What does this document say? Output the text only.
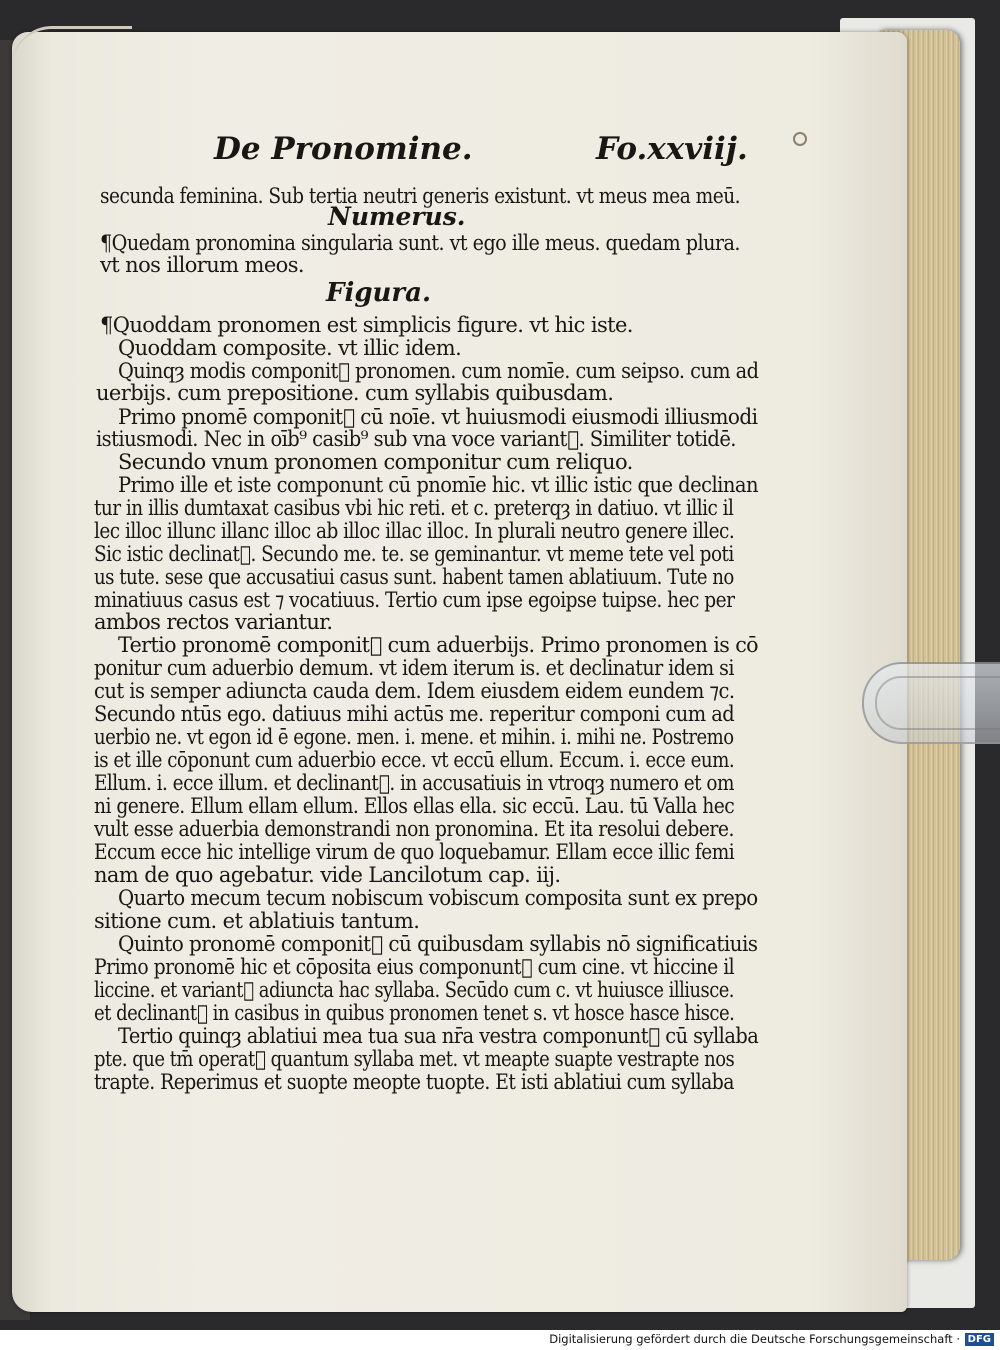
De Pronomine.	Fo.xxviij.
secunda feminina. Sub tertia neutri generis existunt. vt meus mea meū.
Numerus.
¶Quedam pronomina singularia sunt. vt ego ille meus. quedam plura.
vt nos illorum meos.
Figura.
¶Quoddam pronomen est simplicis figure. vt hic iste.
Quoddam composite. vt illic idem.
Quinqȝ modis componitᷣ pronomen. cum nomīe. cum seipso. cum ad
uerbijs. cum prepositione. cum syllabis quibusdam.
Primo pnomē componitᷣ cū noīe. vt huiusmodi eiusmodi illiusmodi
istiusmodi. Nec in oīb⁹ casib⁹ sub vna voce variantᷣ. Similiter totidē.
Secundo vnum pronomen componitur cum reliquo.
Primo ille et iste componunt cū pnomīe hic. vt illic istic que declinan
tur in illis dumtaxat casibus vbi hic reti. et c. preterqȝ in datiuo. vt illic il
lec illoc illunc illanc illoc ab illoc illac illoc. In plurali neutro genere illec.
Sic istic declinatᷣ. Secundo me. te. se geminantur. vt meme tete vel poti
us tute. sese que accusatiui casus sunt. habent tamen ablatiuum. Tute no
minatiuus casus est ⁊ vocatiuus. Tertio cum ipse egoipse tuipse. hec per
ambos rectos variantur.
Tertio pronomē componitᷣ cum aduerbijs. Primo pronomen is cō
ponitur cum aduerbio demum. vt idem iterum is. et declinatur idem si
cut is semper adiuncta cauda dem. Idem eiusdem eidem eundem ⁊c.
Secundo ntūs ego. datiuus mihi actūs me. reperitur componi cum ad
uerbio ne. vt egon id ē egone. men. i. mene. et mihin. i. mihi ne. Postremo
is et ille cōponunt cum aduerbio ecce. vt eccū ellum. Eccum. i. ecce eum.
Ellum. i. ecce illum. et declinantᷣ. in accusatiuis in vtroqȝ numero et om
ni genere. Ellum ellam ellum. Ellos ellas ella. sic eccū. Lau. tū Valla hec
vult esse aduerbia demonstrandi non pronomina. Et ita resolui debere.
Eccum ecce hic intellige virum de quo loquebamur. Ellam ecce illic femi
nam de quo agebatur. vide Lancilotum cap. iij.
Quarto mecum tecum nobiscum vobiscum composita sunt ex prepo
sitione cum. et ablatiuis tantum.
Quinto pronomē componitᷣ cū quibusdam syllabis nō significatiuis
Primo pronomē hic et cōposita eius componuntᷣ cum cine. vt hiccine il
liccine. et variantᷣ adiuncta hac syllaba. Secūdo cum c. vt huiusce illiusce.
et declinantᷣ in casibus in quibus pronomen tenet s. vt hosce hasce hisce.
Tertio quinqȝ ablatiui mea tua sua nr̄a vestra componuntᷣ cū syllaba
pte. que tm̄ operatᷣ quantum syllaba met. vt meapte suapte vestrapte nos
trapte. Reperimus et suopte meopte tuopte. Et isti ablatiui cum syllaba
Digitalisierung gefördert durch die Deutsche Forschungsgemeinschaft · DFG
